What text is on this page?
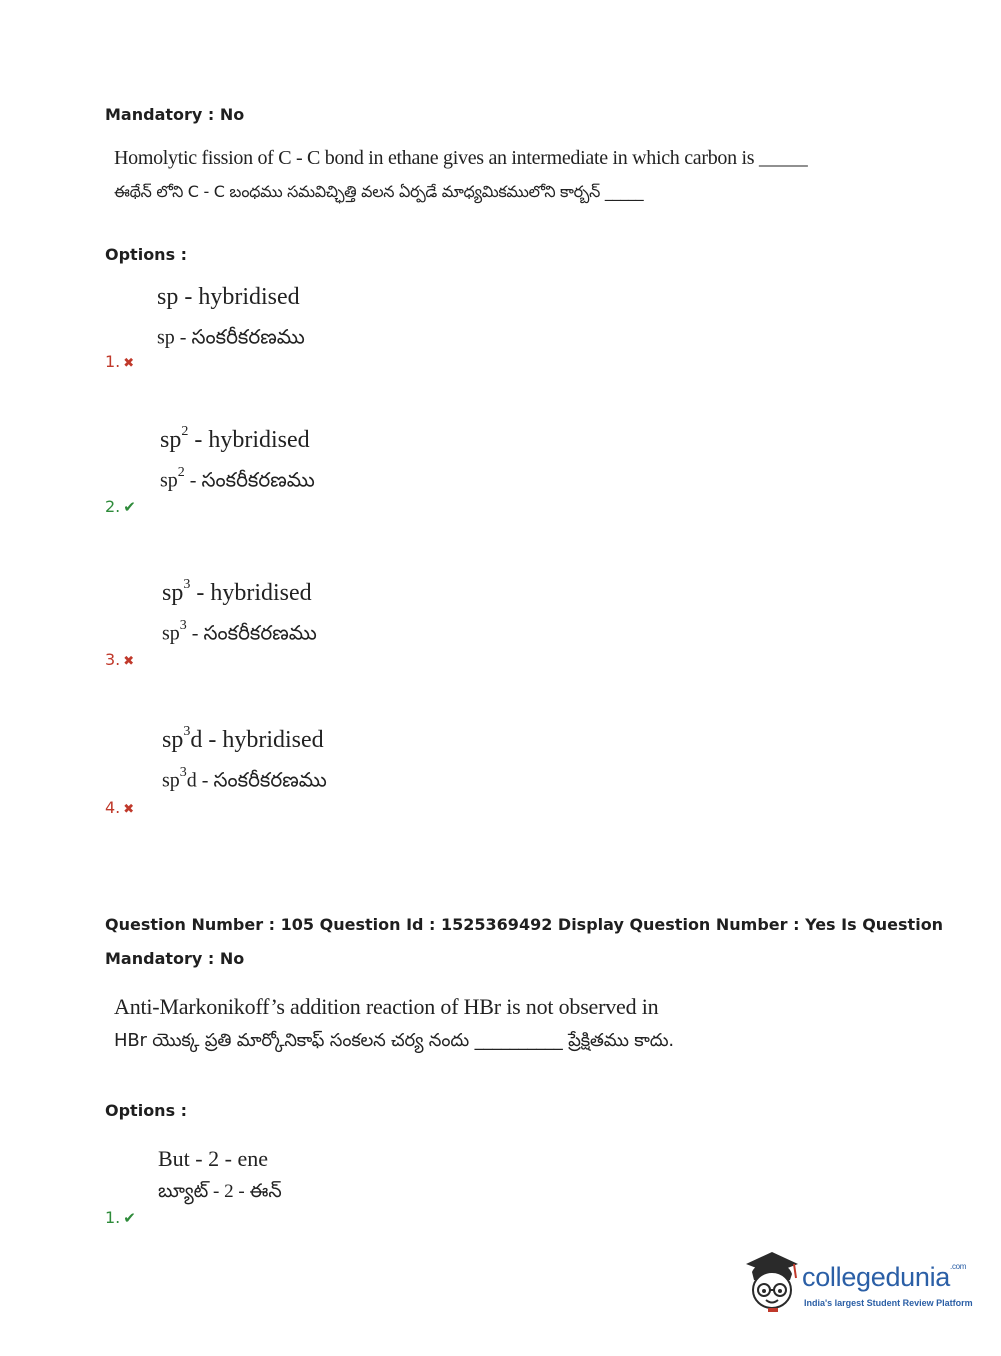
Mandatory : No
Homolytic fission of C - C bond in ethane gives an intermediate in which carbon is _____
ఈథేన్ లోని C - C బంధము సమవిచ్ఛిత్తి వలన ఏర్పడే మాధ్యమికములోని కార్బన్ _____
Options :
sp - hybridised
sp - సంకరీకరణము
1. ✖
$sp^2$ - hybridised
$sp^2$ - సంకరీకరణము
2. ✔
$sp^3$ - hybridised
$sp^3$ - సంకరీకరణము
3. ✖
$sp^3d$ - hybridised
$sp^3d$ - సంకరీకరణము
4. ✖
Question Number : 105 Question Id : 1525369492 Display Question Number : Yes Is Question
Mandatory : No
Anti-Markonikoff’s addition reaction of HBr is not observed in
HBr యొక్క ప్రతి మార్కోనికాఫ్ సంకలన చర్య నందు __________ ప్రేక్షితము కాదు.
Options :
But - 2 - ene
బ్యూట్ - 2 - ఈన్
1. ✔
collegedunia$^{.com}$
India's largest Student Review Platform
